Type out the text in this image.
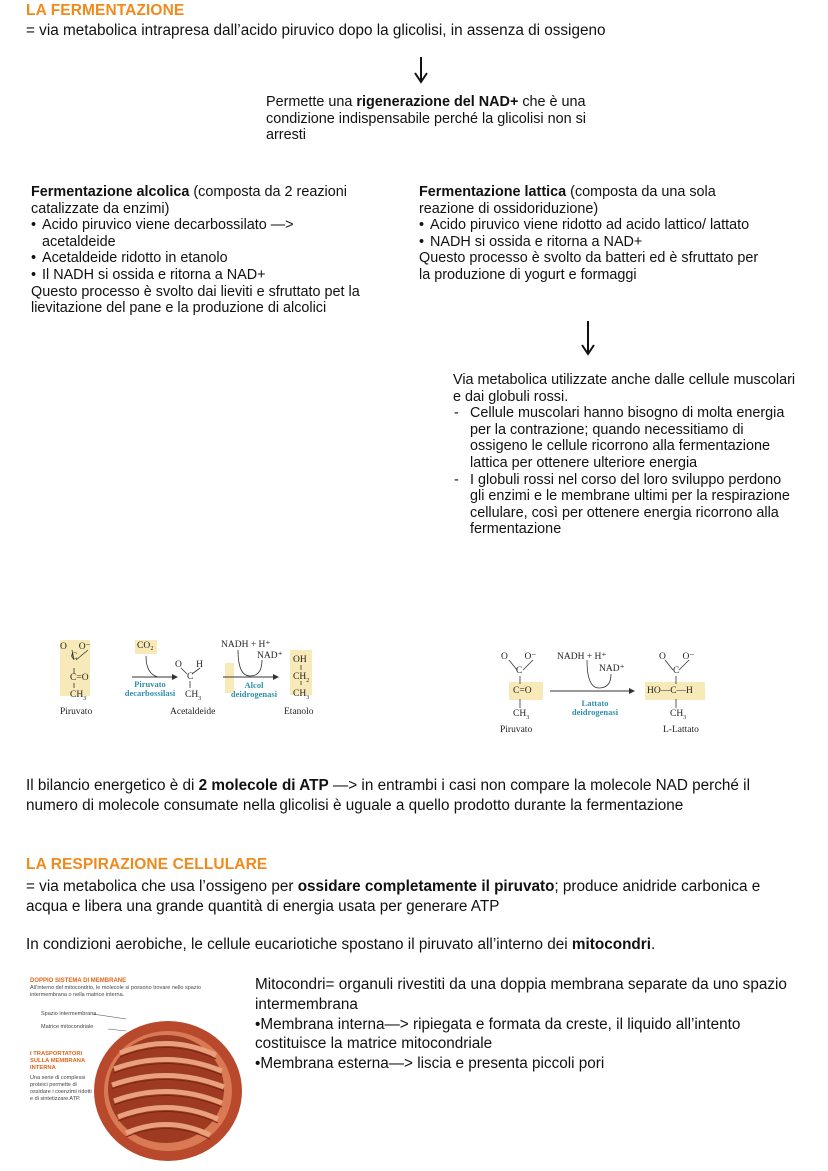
LA FERMENTAZIONE
= via metabolica intrapresa dall’acido piruvico dopo la glicolisi, in assenza di ossigeno
Permette una rigenerazione del NAD+ che è una condizione indispensabile perché la glicolisi non si arresti
Fermentazione alcolica (composta da 2 reazioni catalizzate da enzimi)
• Acido piruvico viene decarbossilato —> acetaldeide
• Acetaldeide ridotto in etanolo
• Il NADH si ossida e ritorna a NAD+
Questo processo è svolto dai lieviti e sfruttato pet la lievitazione del pane e la produzione di alcolici
Fermentazione lattica (composta da una sola reazione di ossidoriduzione)
• Acido piruvico viene ridotto ad acido lattico/ lattato
• NADH si ossida e ritorna a NAD+
Questo processo è svolto da batteri ed è sfruttato per la produzione di yogurt e formaggi
Via metabolica utilizzate anche dalle cellule muscolari e dai globuli rossi.
- Cellule muscolari hanno bisogno di molta energia per la contrazione; quando necessitiamo di ossigeno le cellule ricorrono alla fermentazione lattica per ottenere ulteriore energia
- I globuli rossi nel corso del loro sviluppo perdono gli enzimi e le membrane ultimi per la respirazione cellulare, così per ottenere energia ricorrono alla fermentazione
O     O⁻
C
C=O
$CH_3$
CO₂
Piruvato decarbossilasi
O      H
C
$CH_3$
NADH + H⁺
NAD⁺
Alcol deidrogenasi
OH
$CH_2$
$CH_3$
Piruvato	Acetaldeide	Etanolo
O       O⁻
C
C=O
$CH_3$
NADH + H⁺
NAD⁺
Lattato deidrogenasi
O       O⁻
C
HO—C—H
$CH_3$
Piruvato	L-Lattato
Il bilancio energetico è di 2 molecole di ATP —> in entrambi i casi non compare la molecole NAD perché il numero di molecole consumate nella glicolisi è uguale a quello prodotto durante la fermentazione
LA RESPIRAZIONE CELLULARE
= via metabolica che usa l’ossigeno per ossidare completamente il piruvato; produce anidride carbonica e acqua e libera una grande quantità di energia usata per generare ATP
In condizioni aerobiche, le cellule eucariotiche spostano il piruvato all’interno dei mitocondri.
DOPPIO SISTEMA DI MEMBRANE
All’interno del mitocondrio, le molecole si possono trovare nello spazio intermembrana o nella matrice interna.
Spazio intermembrana
Matrice mitocondriale
I TRASPORTATORI SULLA MEMBRANA INTERNA
Una serie di complessi proteici permette di ossidare i coenzimi ridotti e di sintetizzare ATP.
Mitocondri= organuli rivestiti da una doppia membrana separate da uno spazio intermembrana
•Membrana interna—> ripiegata e formata da creste, il liquido all’intento costituisce la matrice mitocondriale
•Membrana esterna—> liscia e presenta piccoli pori
